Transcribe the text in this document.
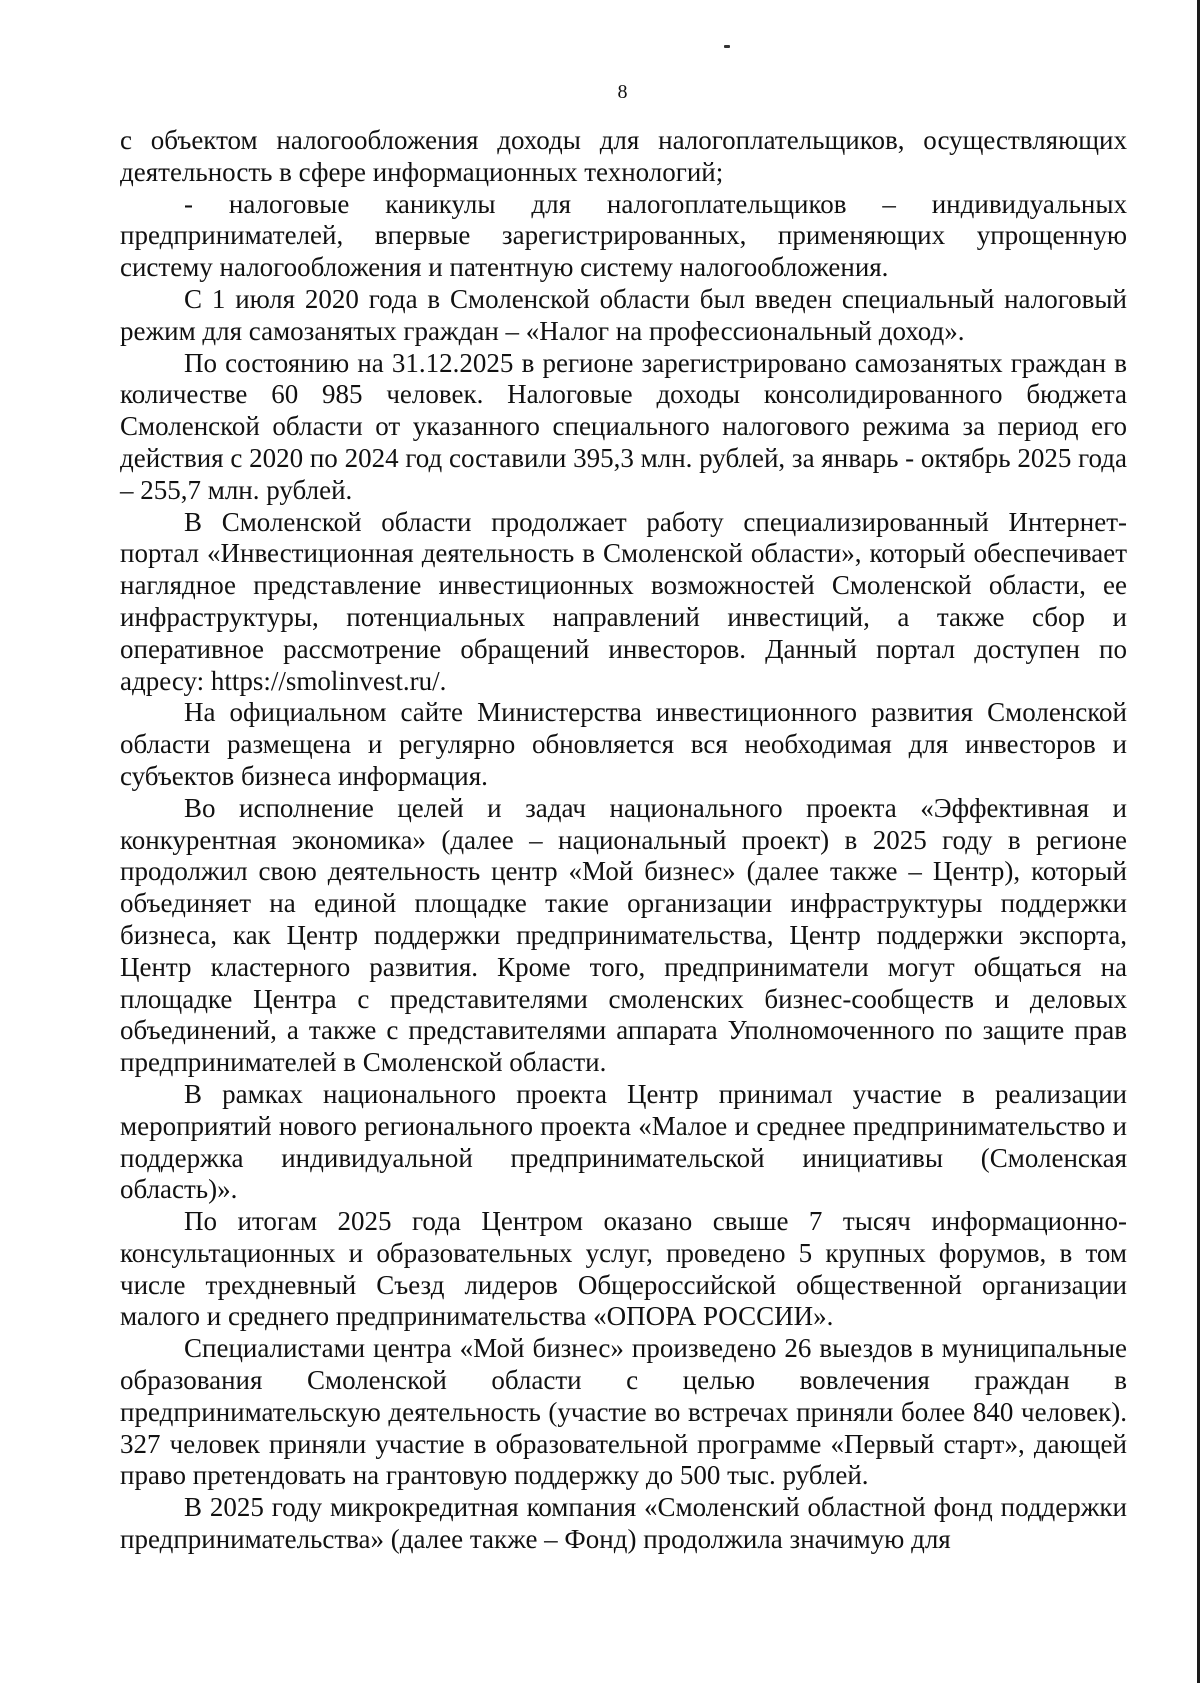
8

с объектом налогообложения доходы для налогоплательщиков, осуществляющих деятельность в сфере информационных технологий;

- налоговые каникулы для налогоплательщиков – индивидуальных предпринимателей, впервые зарегистрированных, применяющих упрощенную систему налогообложения и патентную систему налогообложения.

С 1 июля 2020 года в Смоленской области был введен специальный налоговый режим для самозанятых граждан – «Налог на профессиональный доход».

По состоянию на 31.12.2025 в регионе зарегистрировано самозанятых граждан в количестве 60 985 человек. Налоговые доходы консолидированного бюджета Смоленской области от указанного специального налогового режима за период его действия с 2020 по 2024 год составили 395,3 млн. рублей, за январь - октябрь 2025 года – 255,7 млн. рублей.

В Смоленской области продолжает работу специализированный Интернет-портал «Инвестиционная деятельность в Смоленской области», который обеспечивает наглядное представление инвестиционных возможностей Смоленской области, ее инфраструктуры, потенциальных направлений инвестиций, а также сбор и оперативное рассмотрение обращений инвесторов. Данный портал доступен по адресу: https://smolinvest.ru/.

На официальном сайте Министерства инвестиционного развития Смоленской области размещена и регулярно обновляется вся необходимая для инвесторов и субъектов бизнеса информация.

Во исполнение целей и задач национального проекта «Эффективная и конкурентная экономика» (далее – национальный проект) в 2025 году в регионе продолжил свою деятельность центр «Мой бизнес» (далее также – Центр), который объединяет на единой площадке такие организации инфраструктуры поддержки бизнеса, как Центр поддержки предпринимательства, Центр поддержки экспорта, Центр кластерного развития. Кроме того, предприниматели могут общаться на площадке Центра с представителями смоленских бизнес-сообществ и деловых объединений, а также с представителями аппарата Уполномоченного по защите прав предпринимателей в Смоленской области.

В рамках национального проекта Центр принимал участие в реализации мероприятий нового регионального проекта «Малое и среднее предпринимательство и поддержка индивидуальной предпринимательской инициативы (Смоленская область)».

По итогам 2025 года Центром оказано свыше 7 тысяч информационно-консультационных и образовательных услуг, проведено 5 крупных форумов, в том числе трехдневный Съезд лидеров Общероссийской общественной организации малого и среднего предпринимательства «ОПОРА РОССИИ».

Специалистами центра «Мой бизнес» произведено 26 выездов в муниципальные образования Смоленской области с целью вовлечения граждан в предпринимательскую деятельность (участие во встречах приняли более 840 человек). 327 человек приняли участие в образовательной программе «Первый старт», дающей право претендовать на грантовую поддержку до 500 тыс. рублей.

В 2025 году микрокредитная компания «Смоленский областной фонд поддержки предпринимательства» (далее также – Фонд) продолжила значимую для
